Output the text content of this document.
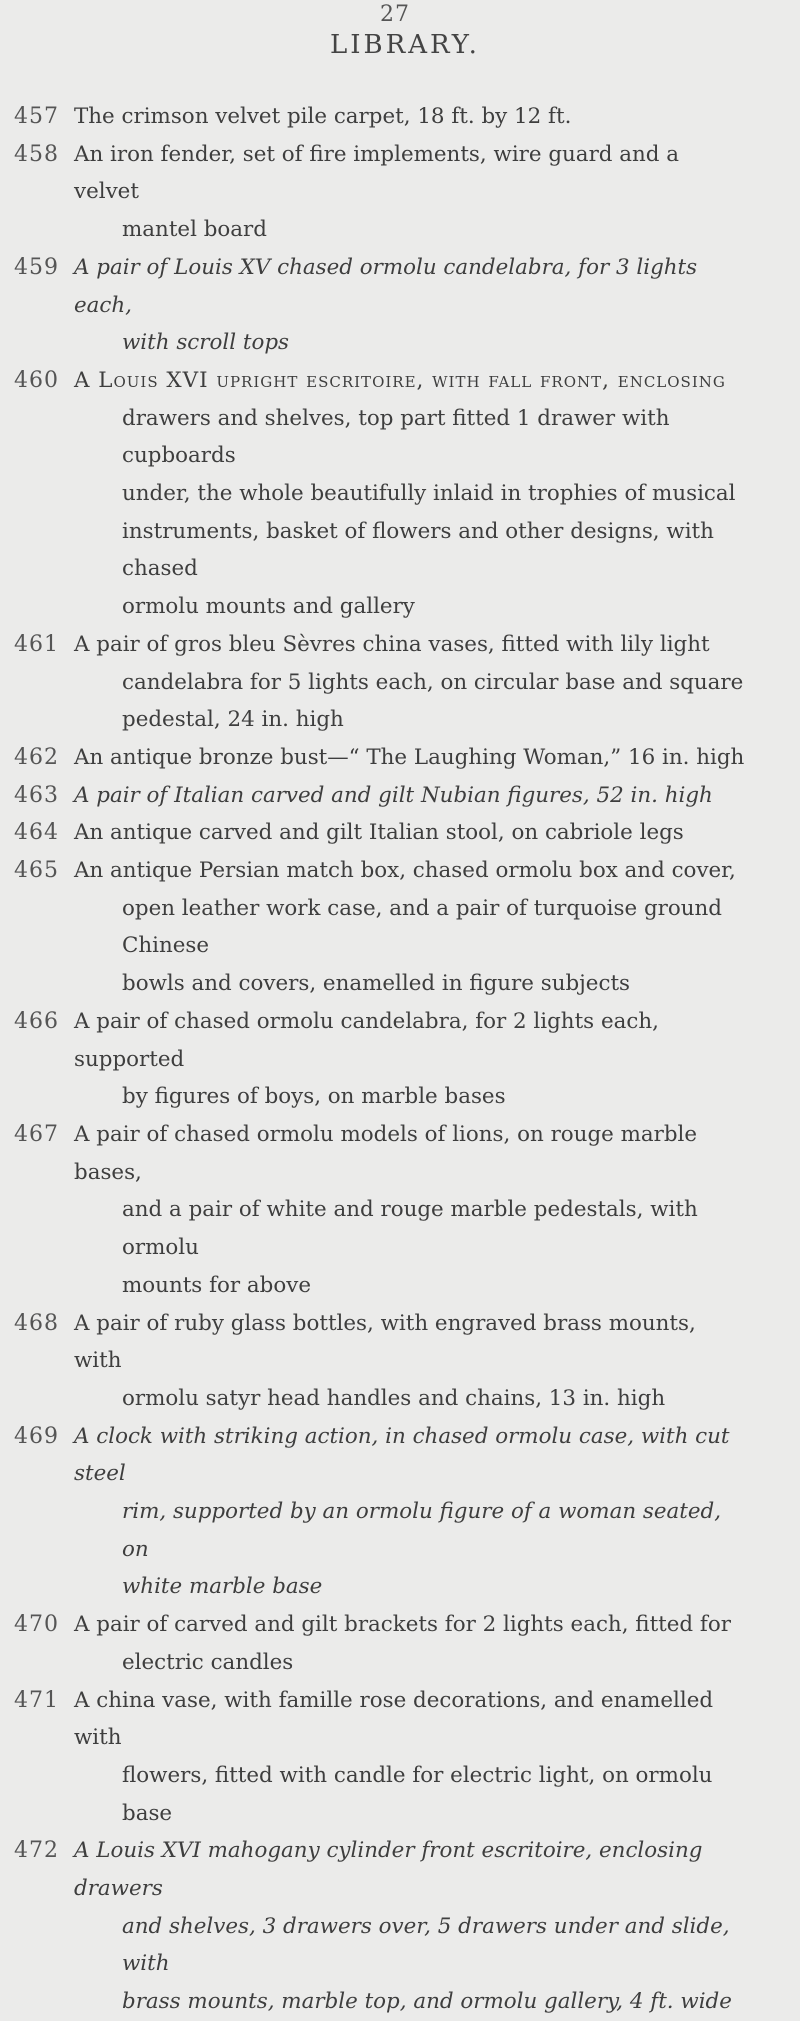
27
LIBRARY.
457 The crimson velvet pile carpet, 18 ft. by 12 ft.
458 An iron fender, set of fire implements, wire guard and a velvet
mantel board
459 A pair of Louis XV chased ormolu candelabra, for 3 lights each,
with scroll tops
460 A Louis XVI upright escritoire, with fall front, enclosing
drawers and shelves, top part fitted 1 drawer with cupboards
under, the whole beautifully inlaid in trophies of musical
instruments, basket of flowers and other designs, with chased
ormolu mounts and gallery
461 A pair of gros bleu Sèvres china vases, fitted with lily light
candelabra for 5 lights each, on circular base and square
pedestal, 24 in. high
462 An antique bronze bust—“ The Laughing Woman,” 16 in. high
463 A pair of Italian carved and gilt Nubian figures, 52 in. high
464 An antique carved and gilt Italian stool, on cabriole legs
465 An antique Persian match box, chased ormolu box and cover,
open leather work case, and a pair of turquoise ground Chinese
bowls and covers, enamelled in figure subjects
466 A pair of chased ormolu candelabra, for 2 lights each, supported
by figures of boys, on marble bases
467 A pair of chased ormolu models of lions, on rouge marble bases,
and a pair of white and rouge marble pedestals, with ormolu
mounts for above
468 A pair of ruby glass bottles, with engraved brass mounts, with
ormolu satyr head handles and chains, 13 in. high
469 A clock with striking action, in chased ormolu case, with cut steel
rim, supported by an ormolu figure of a woman seated, on
white marble base
470 A pair of carved and gilt brackets for 2 lights each, fitted for
electric candles
471 A china vase, with famille rose decorations, and enamelled with
flowers, fitted with candle for electric light, on ormolu base
472 A Louis XVI mahogany cylinder front escritoire, enclosing drawers
and shelves, 3 drawers over, 5 drawers under and slide, with
brass mounts, marble top, and ormolu gallery, 4 ft. wide
